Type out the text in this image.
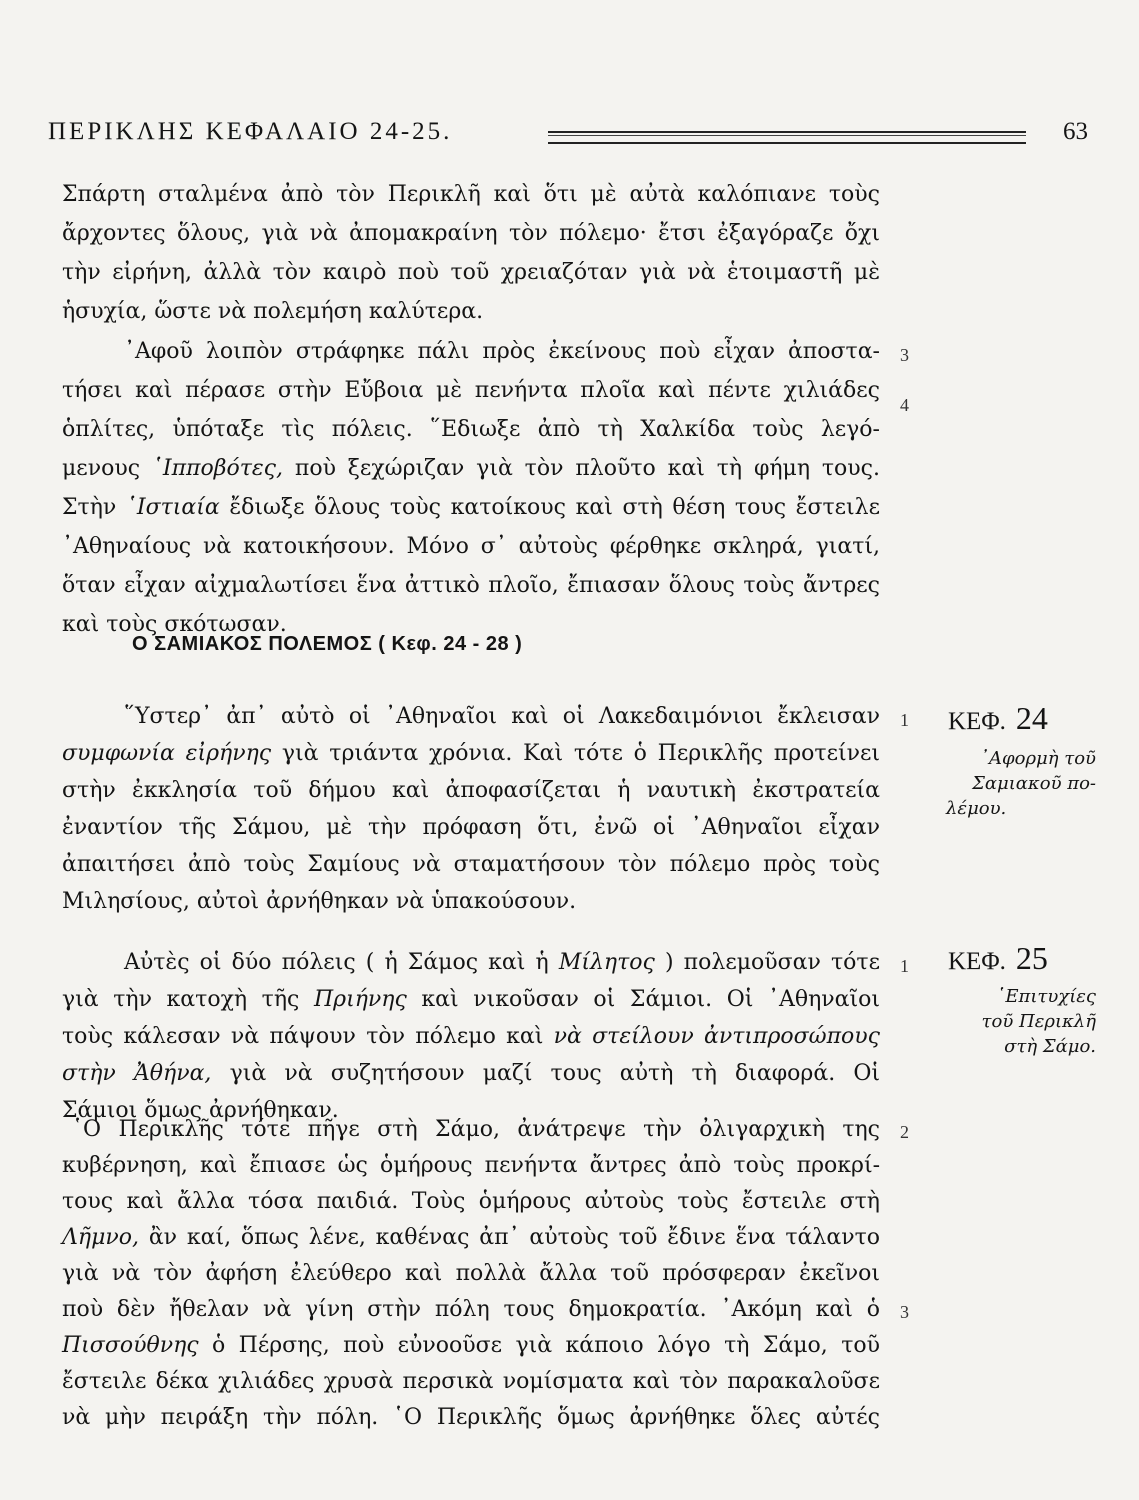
ΠΕΡΙΚΛΗΣ ΚΕΦΑΛΑΙΟ 24-25.	63
Σπάρτη σταλμένα ἀπὸ τὸν Περικλῆ καὶ ὅτι μὲ αὐτὰ καλόπιανε τοὺς
ἄρχοντες ὅλους, γιὰ νὰ ἀπομακραίνη τὸν πόλεμο· ἔτσι ἐξαγόραζε ὄχι
τὴν εἰρήνη, ἀλλὰ τὸν καιρὸ ποὺ τοῦ χρειαζόταν γιὰ νὰ ἑτοιμαστῆ μὲ
ἡσυχία, ὥστε νὰ πολεμήση καλύτερα.
᾿Αφοῦ λοιπὸν στράφηκε πάλι πρὸς ἐκείνους ποὺ εἶχαν ἀποστα-
τήσει καὶ πέρασε στὴν Εὔβοια μὲ πενήντα πλοῖα καὶ πέντε χιλιάδες
ὁπλίτες, ὑπόταξε τὶς πόλεις. ῞Εδιωξε ἀπὸ τὴ Χαλκίδα τοὺς λεγό-
μενους ῾Ιπποβότες, ποὺ ξεχώριζαν γιὰ τὸν πλοῦτο καὶ τὴ φήμη τους.
Στὴν ῾Ιστιαία ἔδιωξε ὅλους τοὺς κατοίκους καὶ στὴ θέση τους ἔστειλε
᾿Αθηναίους νὰ κατοικήσουν. Μόνο σ᾿ αὐτοὺς φέρθηκε σκληρά, γιατί,
ὅταν εἶχαν αἰχμαλωτίσει ἕνα ἀττικὸ πλοῖο, ἔπιασαν ὅλους τοὺς ἄντρες
καὶ τοὺς σκότωσαν.
3
4
Ο ΣΑΜΙΑΚΟΣ ΠΟΛΕΜΟΣ ( Κεφ. 24 - 28 )
῞Υστερ᾿ ἀπ᾿ αὐτὸ οἱ ᾿Αθηναῖοι καὶ οἱ Λακεδαιμόνιοι ἔκλεισαν
συμφωνία εἰρήνης γιὰ τριάντα χρόνια. Καὶ τότε ὁ Περικλῆς προτείνει
στὴν ἐκκλησία τοῦ δήμου καὶ ἀποφασίζεται ἡ ναυτικὴ ἐκστρατεία
ἐναντίον τῆς Σάμου, μὲ τὴν πρόφαση ὅτι, ἐνῶ οἱ ᾿Αθηναῖοι εἶχαν
ἀπαιτήσει ἀπὸ τοὺς Σαμίους νὰ σταματήσουν τὸν πόλεμο πρὸς τοὺς
Μιλησίους, αὐτοὶ ἀρνήθηκαν νὰ ὑπακούσουν.
1 ΚΕΦ. 24
᾿Αφορμὴ τοῦ
Σαμιακοῦ πο-
λέμου.
Αὐτὲς οἱ δύο πόλεις ( ἡ Σάμος καὶ ἡ Μίλητος ) πολεμοῦσαν τότε
γιὰ τὴν κατοχὴ τῆς Πριήνης καὶ νικοῦσαν οἱ Σάμιοι. Οἱ ᾿Αθηναῖοι
τοὺς κάλεσαν νὰ πάψουν τὸν πόλεμο καὶ νὰ στείλουν ἀντιπροσώπους
στὴν Ἀθήνα, γιὰ νὰ συζητήσουν μαζί τους αὐτὴ τὴ διαφορά. Οἱ
Σάμιοι ὅμως ἀρνήθηκαν.
1 ΚΕΦ. 25
῾Επιτυχίες
τοῦ Περικλῆ
στὴ Σάμο.
῾Ο Περικλῆς τότε πῆγε στὴ Σάμο, ἀνάτρεψε τὴν ὀλιγαρχικὴ της
κυβέρνηση, καὶ ἔπιασε ὡς ὁμήρους πενήντα ἄντρες ἀπὸ τοὺς προκρί-
τους καὶ ἄλλα τόσα παιδιά. Τοὺς ὁμήρους αὐτοὺς τοὺς ἔστειλε στὴ
Λῆμνο, ἂν καί, ὅπως λένε, καθένας ἀπ᾿ αὐτοὺς τοῦ ἔδινε ἕνα τάλαντο
γιὰ νὰ τὸν ἀφήση ἐλεύθερο καὶ πολλὰ ἄλλα τοῦ πρόσφεραν ἐκεῖνοι
ποὺ δὲν ἤθελαν νὰ γίνη στὴν πόλη τους δημοκρατία. ᾿Ακόμη καὶ ὁ
Πισσούθνης ὁ Πέρσης, ποὺ εὐνοοῦσε γιὰ κάποιο λόγο τὴ Σάμο, τοῦ
ἔστειλε δέκα χιλιάδες χρυσὰ περσικὰ νομίσματα καὶ τὸν παρακαλοῦσε
νὰ μὴν πειράξη τὴν πόλη. ῾Ο Περικλῆς ὅμως ἀρνήθηκε ὅλες αὐτές
2
3
